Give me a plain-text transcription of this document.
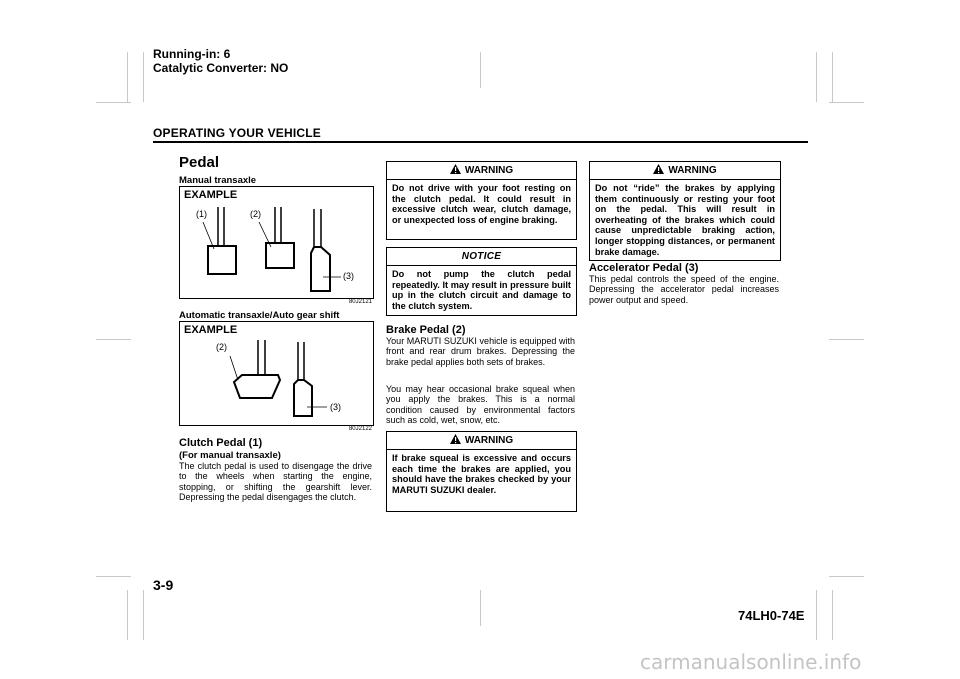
Running-in: 6
Catalytic Converter: NO
OPERATING YOUR VEHICLE
Pedal
Manual transaxle
EXAMPLE
(1)	(2)
(3)
80J2121
Automatic transaxle/Auto gear shift
EXAMPLE
(2)
(3)
80J2122
Clutch Pedal (1)
(For manual transaxle)
The clutch pedal is used to disengage the drive to the wheels when starting the engine, stopping, or shifting the gearshift lever. Depressing the pedal disengages the clutch.
WARNING
Do not drive with your foot resting on the clutch pedal. It could result in excessive clutch wear, clutch damage, or unexpected loss of engine braking.
NOTICE
Do not pump the clutch pedal repeatedly. It may result in pressure built up in the clutch circuit and damage to the clutch system.
Brake Pedal (2)
Your MARUTI SUZUKI vehicle is equipped with front and rear drum brakes. Depressing the brake pedal applies both sets of brakes.
You may hear occasional brake squeal when you apply the brakes. This is a normal condition caused by environmental factors such as cold, wet, snow, etc.
WARNING
If brake squeal is excessive and occurs each time the brakes are applied, you should have the brakes checked by your MARUTI SUZUKI dealer.
WARNING
Do not “ride” the brakes by applying them continuously or resting your foot on the pedal. This will result in overheating of the brakes which could cause unpredictable braking action, longer stopping distances, or permanent brake damage.
Accelerator Pedal (3)
This pedal controls the speed of the engine. Depressing the accelerator pedal increases power output and speed.
3-9
74LH0-74E
carmanualsonline.info
